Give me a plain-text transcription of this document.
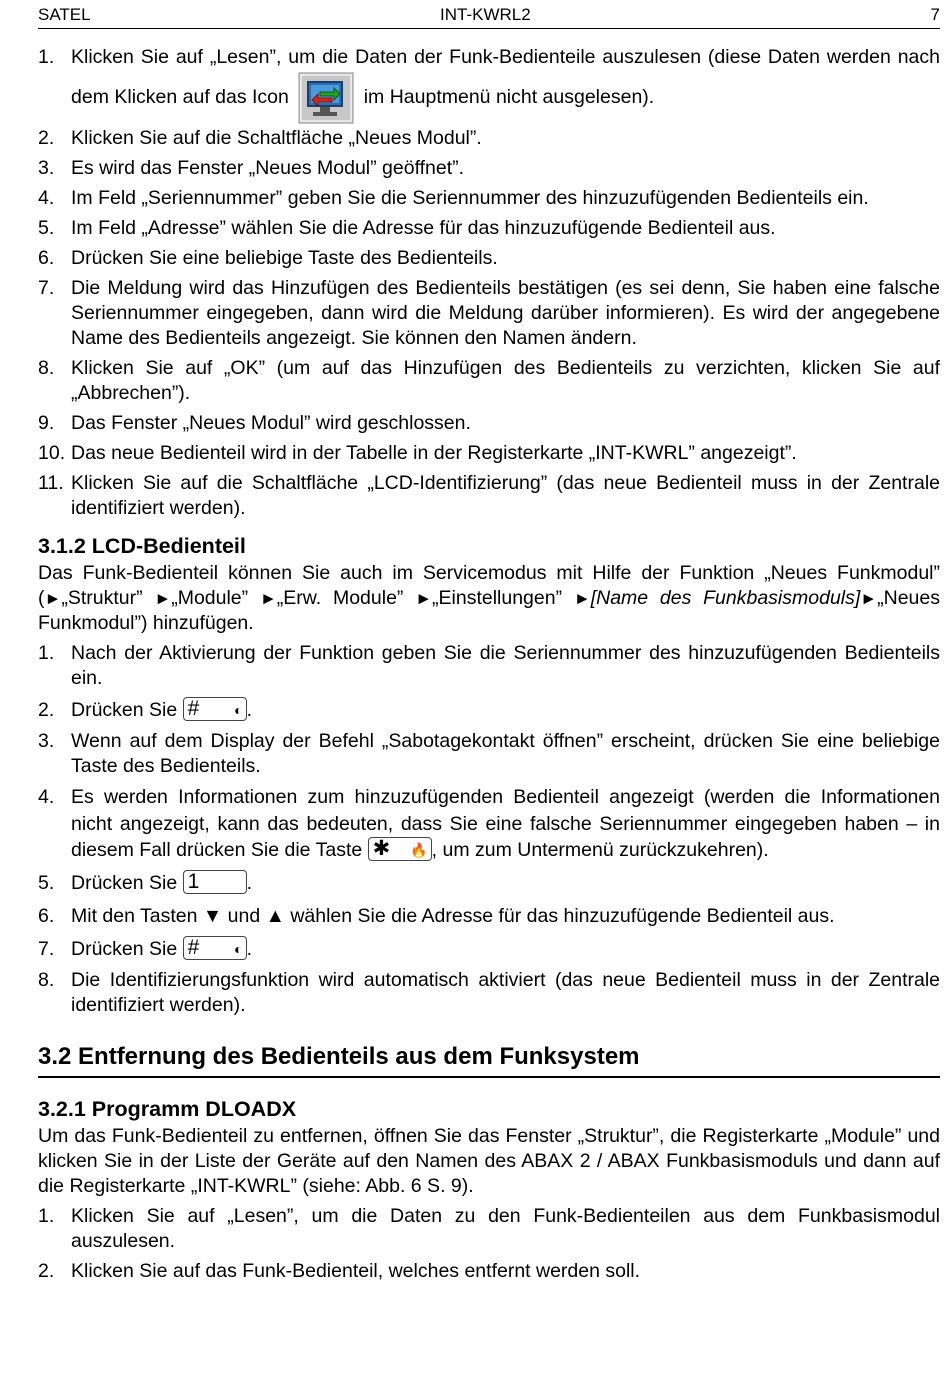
SATEL	INT-KWRL2	7
1. Klicken Sie auf „Lesen”, um die Daten der Funk-Bedienteile auszulesen (diese Daten werden nach dem Klicken auf das Icon	im Hauptmenü nicht ausgelesen).
2. Klicken Sie auf die Schaltfläche „Neues Modul”.
3. Es wird das Fenster „Neues Modul” geöffnet”.
4. Im Feld „Seriennummer” geben Sie die Seriennummer des hinzuzufügenden Bedienteils ein.
5. Im Feld „Adresse” wählen Sie die Adresse für das hinzuzufügende Bedienteil aus.
6. Drücken Sie eine beliebige Taste des Bedienteils.
7. Die Meldung wird das Hinzufügen des Bedienteils bestätigen (es sei denn, Sie haben eine falsche Seriennummer eingegeben, dann wird die Meldung darüber informieren). Es wird der angegebene Name des Bedienteils angezeigt. Sie können den Namen ändern.
8. Klicken Sie auf „OK” (um auf das Hinzufügen des Bedienteils zu verzichten, klicken Sie auf „Abbrechen”).
9. Das Fenster „Neues Modul” wird geschlossen.
10. Das neue Bedienteil wird in der Tabelle in der Registerkarte „INT-KWRL” angezeigt”.
11. Klicken Sie auf die Schaltfläche „LCD-Identifizierung” (das neue Bedienteil muss in der Zentrale identifiziert werden).
3.1.2 LCD-Bedienteil

Das Funk-Bedienteil können Sie auch im Servicemodus mit Hilfe der Funktion „Neues Funkmodul” (►„Struktur” ►„Module” ►„Erw. Module” ►„Einstellungen” ►[Name des Funkbasismoduls]►„Neues Funkmodul”) hinzufügen.

1. Nach der Aktivierung der Funktion geben Sie die Seriennummer des hinzuzufügenden Bedienteils ein.
2. Drücken Sie # ◐ .
3. Wenn auf dem Display der Befehl „Sabotagekontakt öffnen” erscheint, drücken Sie eine beliebige Taste des Bedienteils.
4. Es werden Informationen zum hinzuzufügenden Bedienteil angezeigt (werden die Informationen nicht angezeigt, kann das bedeuten, dass Sie eine falsche Seriennummer eingegeben haben – in diesem Fall drücken Sie die Taste ✱ 🔥 , um zum Untermenü zurückzukehren).
5. Drücken Sie 1 .
6. Mit den Tasten ▼ und ▲ wählen Sie die Adresse für das hinzuzufügende Bedienteil aus.
7. Drücken Sie # ◐ .
8. Die Identifizierungsfunktion wird automatisch aktiviert (das neue Bedienteil muss in der Zentrale identifiziert werden).
3.2 Entfernung des Bedienteils aus dem Funksystem
3.2.1 Programm DLOADX

Um das Funk-Bedienteil zu entfernen, öffnen Sie das Fenster „Struktur”, die Registerkarte „Module” und klicken Sie in der Liste der Geräte auf den Namen des ABAX 2 / ABAX Funkbasismoduls und dann auf die Registerkarte „INT-KWRL” (siehe: Abb. 6 S. 9).

1. Klicken Sie auf „Lesen”, um die Daten zu den Funk-Bedienteilen aus dem Funkbasismodul auszulesen.
2. Klicken Sie auf das Funk-Bedienteil, welches entfernt werden soll.
